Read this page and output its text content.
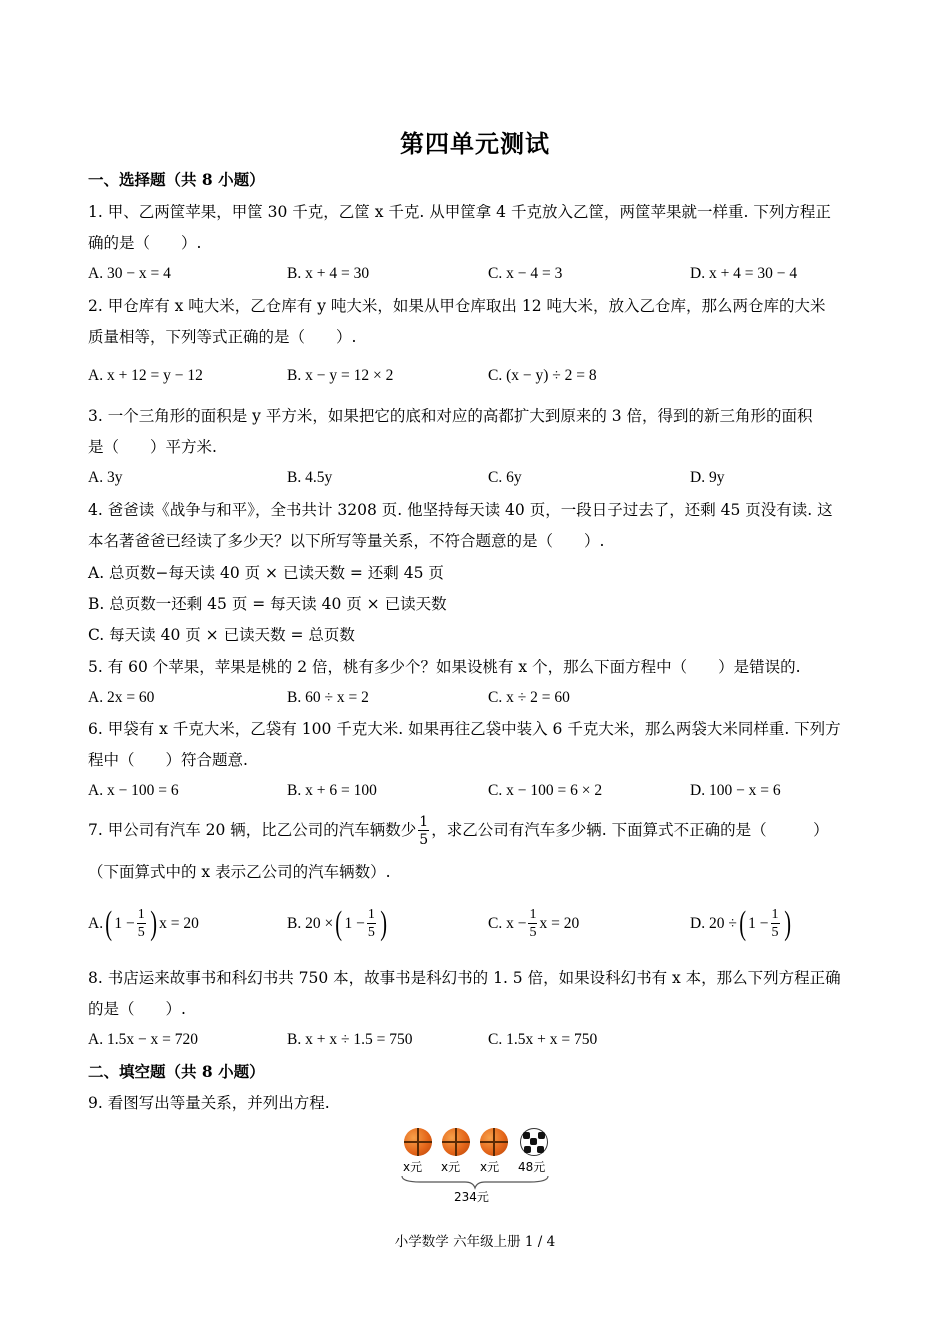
第四单元测试
一、选择题（共 8 小题）
1. 甲、乙两筐苹果，甲筐 30 千克，乙筐 x 千克. 从甲筐拿 4 千克放入乙筐，两筐苹果就一样重. 下列方程正
确的是（　　）.
A. 30 − x = 4	B. x + 4 = 30	C. x − 4 = 3	D. x + 4 = 30 − 4
2. 甲仓库有 x 吨大米，乙仓库有 y 吨大米，如果从甲仓库取出 12 吨大米，放入乙仓库，那么两仓库的大米
质量相等，下列等式正确的是（　　）.
A. x + 12 = y − 12	B. x − y = 12 × 2	C. (x − y) ÷ 2 = 8
3. 一个三角形的面积是 y 平方米，如果把它的底和对应的高都扩大到原来的 3 倍，得到的新三角形的面积
是（　　）平方米.
A. 3y	B. 4.5y	C. 6y	D. 9y
4. 爸爸读《战争与和平》，全书共计 3208 页. 他坚持每天读 40 页，一段日子过去了，还剩 45 页没有读. 这
本名著爸爸已经读了多少天？以下所写等量关系，不符合题意的是（　　）.
A. 总页数−每天读 40 页 × 已读天数 = 还剩 45 页
B. 总页数一还剩 45 页 = 每天读 40 页 × 已读天数
C. 每天读 40 页 × 已读天数 = 总页数
5. 有 60 个苹果，苹果是桃的 2 倍，桃有多少个？如果设桃有 x 个，那么下面方程中（　　）是错误的.
A. 2x = 60	B. 60 ÷ x = 2	C. x ÷ 2 = 60
6. 甲袋有 x 千克大米，乙袋有 100 千克大米. 如果再往乙袋中装入 6 千克大米，那么两袋大米同样重. 下列方
程中（　　）符合题意.
A. x − 100 = 6	B. x + 6 = 100	C. x − 100 = 6 × 2	D. 100 − x = 6
7. 甲公司有汽车 20 辆，比乙公司的汽车辆数少 $\frac{1}{5}$ ，求乙公司有汽车多少辆. 下面算式不正确的是（　　　）
（下面算式中的 x 表示乙公司的汽车辆数）.
A.( $1 - \frac{1}{5}$ ) x = 20	B. 20 ×( $1 - \frac{1}{5}$ )	C. $x - \frac{1}{5}$ x = 20	D. 20 ÷( $1 - \frac{1}{5}$ )
8. 书店运来故事书和科幻书共 750 本，故事书是科幻书的 1. 5 倍，如果设科幻书有 x 本，那么下列方程正确
的是（　　）.
A. 1.5x − x = 720	B. x + x ÷ 1.5 = 750	C. 1.5x + x = 750
二、填空题（共 8 小题）
9. 看图写出等量关系，并列出方程.
x元 x元 x元 48元
234元
小学数学 六年级上册 1 / 4
